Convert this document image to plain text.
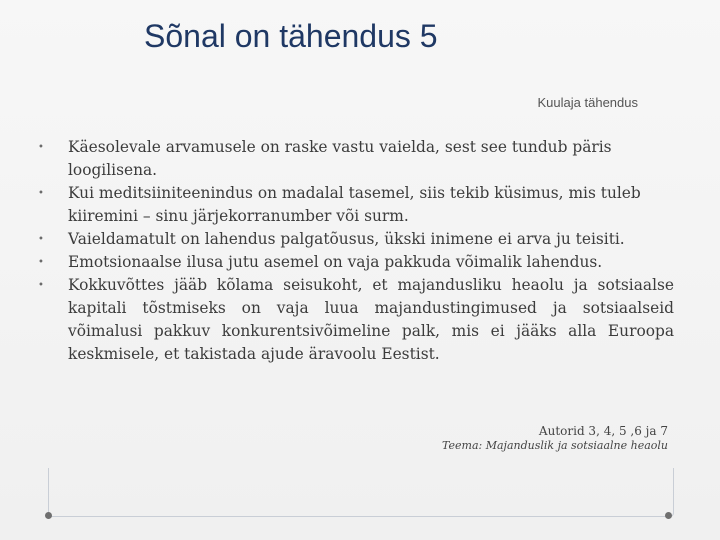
Sõnal on tähendus 5
Kuulaja tähendus
•	Käesolevale arvamusele on raske vastu vaielda, sest see tundub päris loogilisena.
•	Kui meditsiiniteenindus on madalal tasemel, siis tekib küsimus, mis tuleb kiiremini – sinu järjekorranumber või surm.
•	Vaieldamatult on lahendus palgatõusus, ükski inimene ei arva ju teisiti.
•	Emotsionaalse ilusa jutu asemel on vaja pakkuda võimalik lahendus.
•	Kokkuvõttes jääb kõlama seisukoht, et majandusliku heaolu ja sotsiaalse kapitali tõstmiseks on vaja luua majandustingimused ja sotsiaalseid võimalusi pakkuv konkurentsivõimeline palk, mis ei jääks alla Euroopa keskmisele, et takistada ajude äravoolu Eestist.
Autorid 3, 4, 5 ,6 ja 7
Teema: Majanduslik ja sotsiaalne heaolu
